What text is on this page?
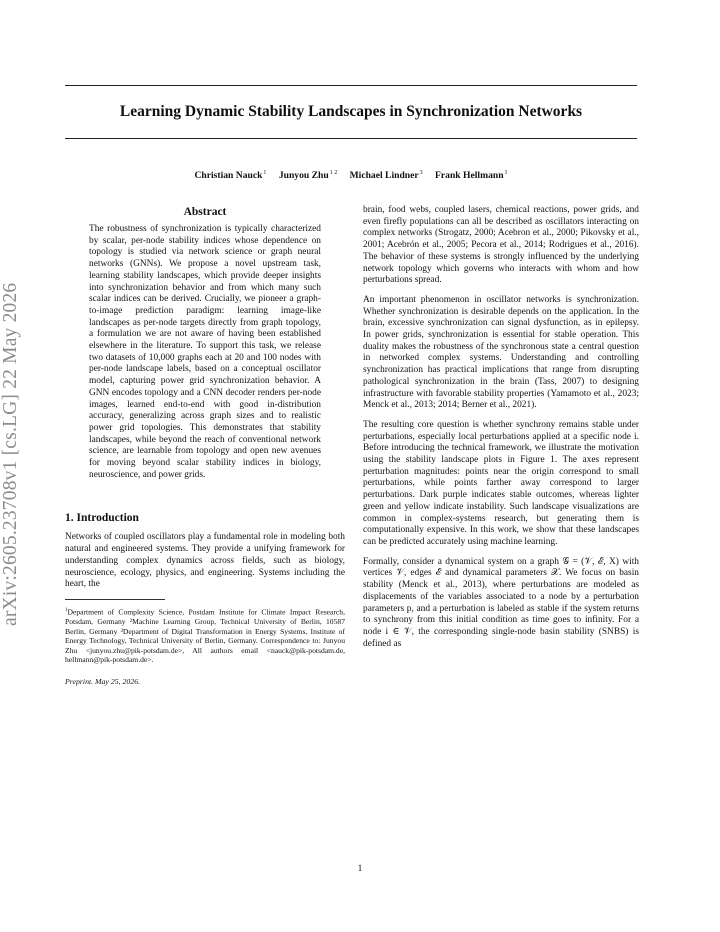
Learning Dynamic Stability Landscapes in Synchronization Networks
Christian Nauck$^1$ Junyou Zhu$^{1 2}$ Michael Lindner$^3$ Frank Hellmann$^1$
arXiv:2605.23708v1 [cs.LG] 22 May 2026
Abstract

The robustness of synchronization is typically characterized by scalar, per-node stability indices whose dependence on topology is studied via network science or graph neural networks (GNNs). We propose a novel upstream task, learning stability landscapes, which provide deeper insights into synchronization behavior and from which many such scalar indices can be derived. Crucially, we pioneer a graph-to-image prediction paradigm: learning image-like landscapes as per-node targets directly from graph topology, a formulation we are not aware of having been established elsewhere in the literature. To support this task, we release two datasets of 10,000 graphs each at 20 and 100 nodes with per-node landscape labels, based on a conceptual oscillator model, capturing power grid synchronization behavior. A GNN encodes topology and a CNN decoder renders per-node images, learned end-to-end with good in-distribution accuracy, generalizing across graph sizes and to realistic power grid topologies. This demonstrates that stability landscapes, while beyond the reach of conventional network science, are learnable from topology and open new avenues for moving beyond scalar stability indices in biology, neuroscience, and power grids.

1. Introduction

Networks of coupled oscillators play a fundamental role in modeling both natural and engineered systems. They provide a unifying framework for understanding complex dynamics across fields, such as biology, neuroscience, ecology, physics, and engineering. Systems including the heart, the

$^1$Department of Complexity Science, Postdam Institute for Climate Impact Research, Potsdam, Germany ²Machine Learning Group, Technical University of Berlin, 10587 Berlin, Germany ³Department of Digital Transformation in Energy Systems, Institute of Energy Technology, Technical University of Berlin, Germany. Correspondence to: Junyou Zhu <junyou.zhu@pik-potsdam.de>, All authors email <nauck@pik-potsdam.de, hellmann@pik-potsdam.de>.

Preprint. May 25, 2026.

brain, food webs, coupled lasers, chemical reactions, power grids, and even firefly populations can all be described as oscillators interacting on complex networks (Strogatz, 2000; Acebron et al., 2000; Pikovsky et al., 2001; Acebrón et al., 2005; Pecora et al., 2014; Rodrigues et al., 2016). The behavior of these systems is strongly influenced by the underlying network topology which governs who interacts with whom and how perturbations spread.

An important phenomenon in oscillator networks is synchronization. Whether synchronization is desirable depends on the application. In the brain, excessive synchronization can signal dysfunction, as in epilepsy. In power grids, synchronization is essential for stable operation. This duality makes the robustness of the synchronous state a central question in networked complex systems. Understanding and controlling synchronization has practical implications that range from disrupting pathological synchronization in the brain (Tass, 2007) to designing infrastructure with favorable stability properties (Yamamoto et al., 2023; Menck et al., 2013; 2014; Berner et al., 2021).

The resulting core question is whether synchrony remains stable under perturbations, especially local perturbations applied at a specific node i. Before introducing the technical framework, we illustrate the motivation using the stability landscape plots in Figure 1. The axes represent perturbation magnitudes: points near the origin correspond to small perturbations, while points farther away correspond to larger perturbations. Dark purple indicates stable outcomes, whereas lighter green and yellow indicate instability. Such landscape visualizations are common in complex-systems research, but generating them is computationally expensive. In this work, we show that these landscapes can be predicted accurately using machine learning.

Formally, consider a dynamical system on a graph 𝒢 = (𝒱, ℰ, X) with vertices 𝒱, edges ℰ and dynamical parameters 𝒳. We focus on basin stability (Menck et al., 2013), where perturbations are modeled as displacements of the variables associated to a node by a perturbation parameters p, and a perturbation is labeled as stable if the system returns to synchrony from this initial condition as time goes to infinity. For a node i ∈ 𝒱, the corresponding single-node basin stability (SNBS) is defined as

1
